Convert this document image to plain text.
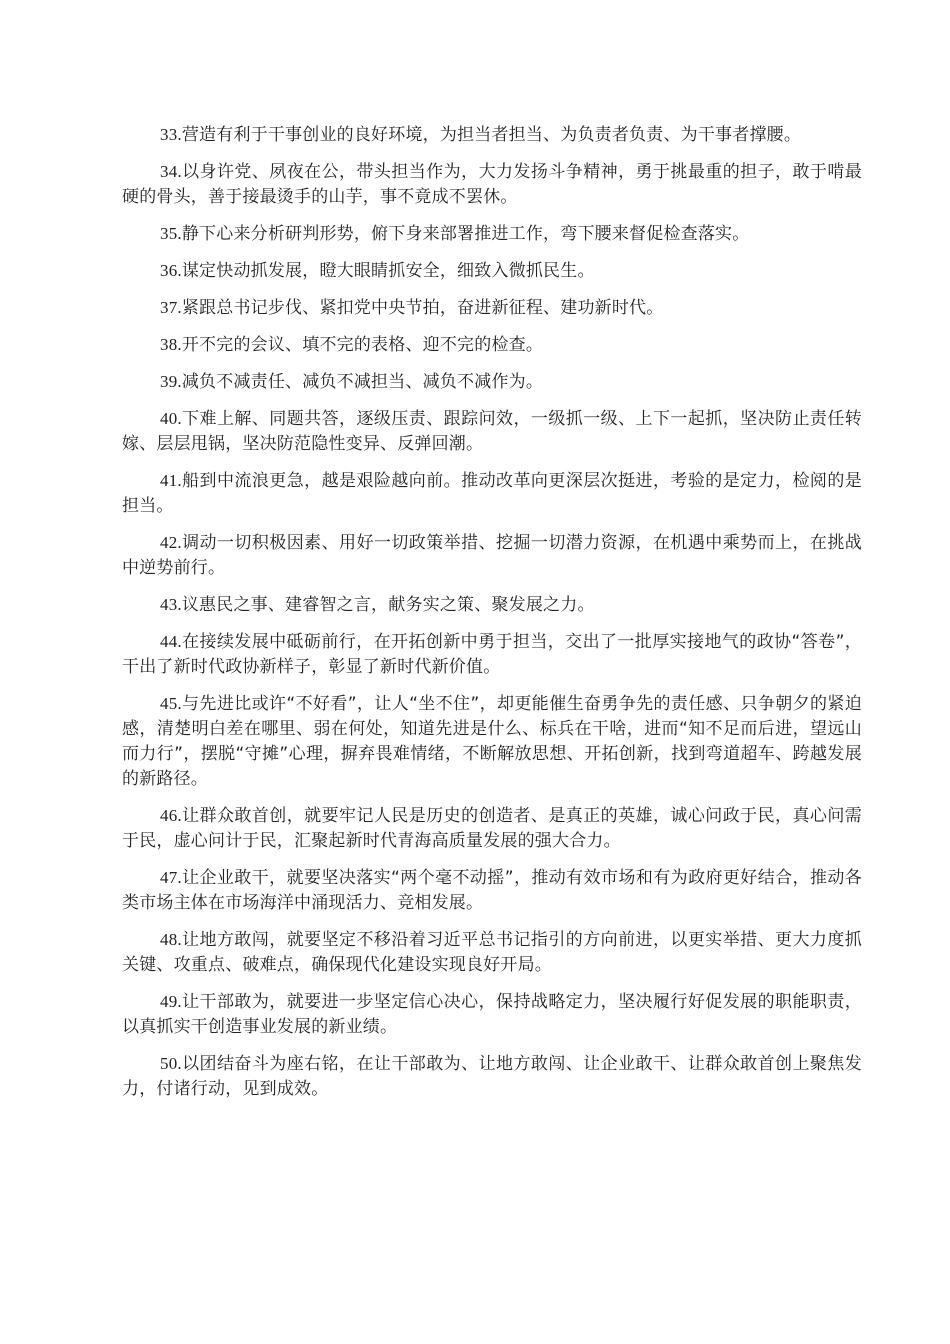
33.营造有利于干事创业的良好环境，为担当者担当、为负责者负责、为干事者撑腰。

34.以身许党、夙夜在公，带头担当作为，大力发扬斗争精神，勇于挑最重的担子，敢于啃最硬的骨头，善于接最烫手的山芋，事不竟成不罢休。

35.静下心来分析研判形势，俯下身来部署推进工作，弯下腰来督促检查落实。

36.谋定快动抓发展，瞪大眼睛抓安全，细致入微抓民生。

37.紧跟总书记步伐、紧扣党中央节拍，奋进新征程、建功新时代。

38.开不完的会议、填不完的表格、迎不完的检查。

39.减负不减责任、减负不减担当、减负不减作为。

40.下难上解、同题共答，逐级压责、跟踪问效，一级抓一级、上下一起抓，坚决防止责任转嫁、层层甩锅，坚决防范隐性变异、反弹回潮。

41.船到中流浪更急，越是艰险越向前。推动改革向更深层次挺进，考验的是定力，检阅的是担当。

42.调动一切积极因素、用好一切政策举措、挖掘一切潜力资源，在机遇中乘势而上，在挑战中逆势前行。

43.议惠民之事、建睿智之言，献务实之策、聚发展之力。

44.在接续发展中砥砺前行，在开拓创新中勇于担当，交出了一批厚实接地气的政协“答卷”，干出了新时代政协新样子，彰显了新时代新价值。

45.与先进比或许“不好看”，让人“坐不住”，却更能催生奋勇争先的责任感、只争朝夕的紧迫感，清楚明白差在哪里、弱在何处，知道先进是什么、标兵在干啥，进而“知不足而后进，望远山而力行”，摆脱“守摊”心理，摒弃畏难情绪，不断解放思想、开拓创新，找到弯道超车、跨越发展的新路径。

46.让群众敢首创，就要牢记人民是历史的创造者、是真正的英雄，诚心问政于民，真心问需于民，虚心问计于民，汇聚起新时代青海高质量发展的强大合力。

47.让企业敢干，就要坚决落实“两个毫不动摇”，推动有效市场和有为政府更好结合，推动各类市场主体在市场海洋中涌现活力、竞相发展。

48.让地方敢闯，就要坚定不移沿着习近平总书记指引的方向前进，以更实举措、更大力度抓关键、攻重点、破难点，确保现代化建设实现良好开局。

49.让干部敢为，就要进一步坚定信心决心，保持战略定力，坚决履行好促发展的职能职责，以真抓实干创造事业发展的新业绩。

50.以团结奋斗为座右铭，在让干部敢为、让地方敢闯、让企业敢干、让群众敢首创上聚焦发力，付诸行动，见到成效。
